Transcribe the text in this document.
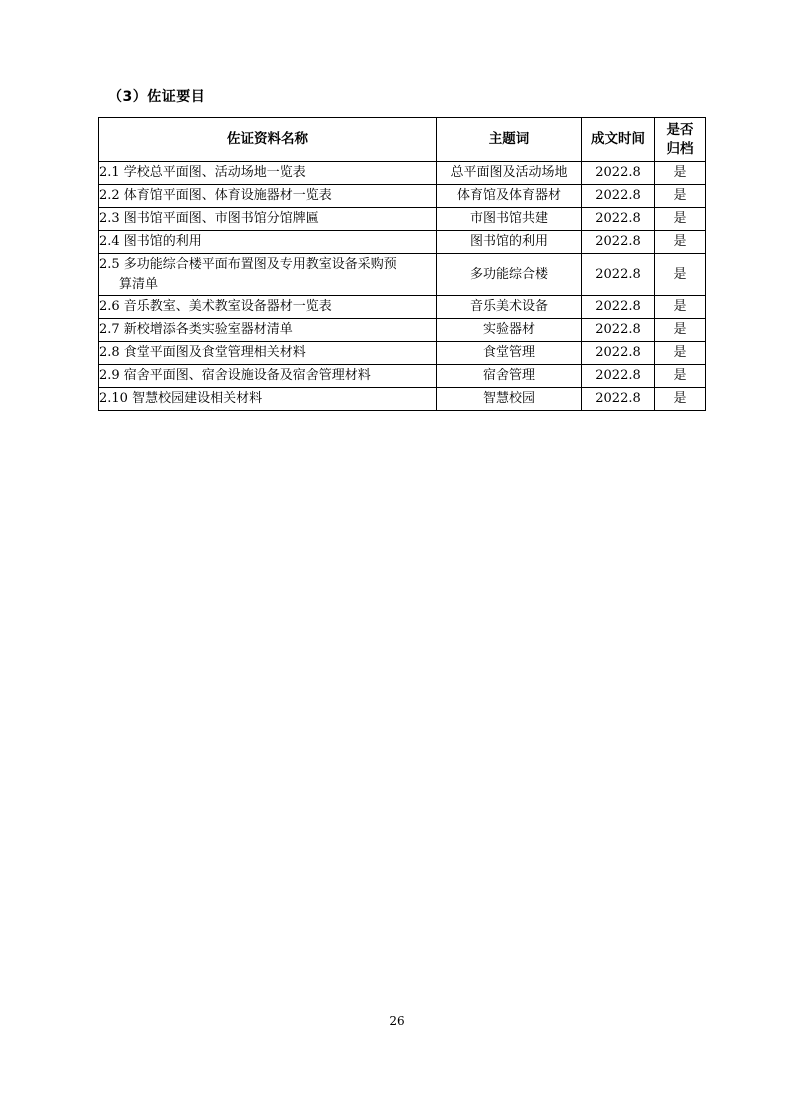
（3）佐证要目
佐证资料名称	主题词	成文时间	是否
归档
2.1 学校总平面图、活动场地一览表	总平面图及活动场地	2022.8	是
2.2 体育馆平面图、体育设施器材一览表	体育馆及体育器材	2022.8	是
2.3 图书馆平面图、市图书馆分馆牌匾	市图书馆共建	2022.8	是
2.4 图书馆的利用	图书馆的利用	2022.8	是
2.5 多功能综合楼平面布置图及专用教室设备采购预
算清单	多功能综合楼	2022.8	是
2.6 音乐教室、美术教室设备器材一览表	音乐美术设备	2022.8	是
2.7 新校增添各类实验室器材清单	实验器材	2022.8	是
2.8 食堂平面图及食堂管理相关材料	食堂管理	2022.8	是
2.9 宿舍平面图、宿舍设施设备及宿舍管理材料	宿舍管理	2022.8	是
2.10 智慧校园建设相关材料	智慧校园	2022.8	是
26
